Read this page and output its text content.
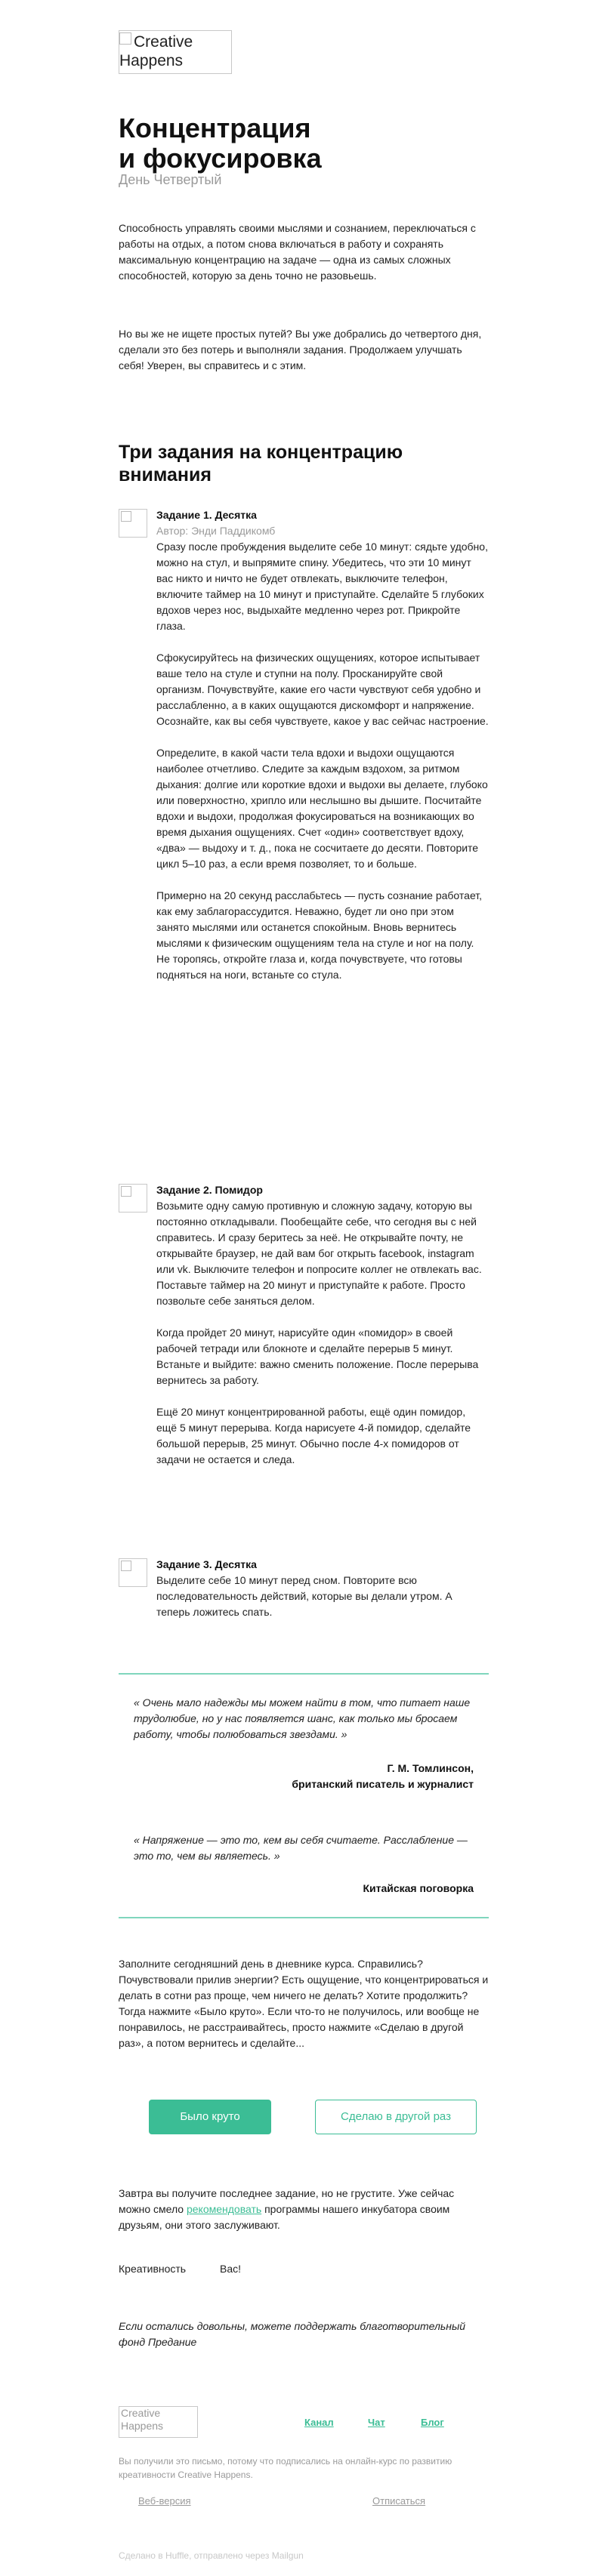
Creative Happens
Концентрация
и фокусировка
День Четвертый

Способность управлять своими мыслями и сознанием, переключаться с работы на отдых, а потом снова включаться в работу и сохранять максимальную концентрацию на задаче — одна из самых сложных способностей, которую за день точно не разовьешь.

Но вы же не ищете простых путей? Вы уже добрались до четвертого дня, сделали это без потерь и выполняли задания. Продолжаем улучшать себя! Уверен, вы справитесь и с этим.

Три задания на концентрацию внимания
Задание 1. Десятка
Автор: Энди Паддикомб

Сразу после пробуждения выделите себе 10 минут: сядьте удобно, можно на стул, и выпрямите спину. Убедитесь, что эти 10 минут вас никто и ничто не будет отвлекать, выключите телефон, включите таймер на 10 минут и приступайте. Сделайте 5 глубоких вдохов через нос, выдыхайте медленно через рот. Прикройте глаза.

Сфокусируйтесь на физических ощущениях, которое испытывает ваше тело на стуле и ступни на полу. Просканируйте свой организм. Почувствуйте, какие его части чувствуют себя удобно и расслабленно, а в каких ощущаются дискомфорт и напряжение. Осознайте, как вы себя чувствуете, какое у вас сейчас настроение.

Определите, в какой части тела вдохи и выдохи ощущаются наиболее отчетливо. Следите за каждым вздохом, за ритмом дыхания: долгие или короткие вдохи и выдохи вы делаете, глубоко или поверхностно, хрипло или неслышно вы дышите. Посчитайте вдохи и выдохи, продолжая фокусироваться на возникающих во время дыхания ощущениях. Счет «один» соответствует вдоху, «два» — выдоху и т. д., пока не сосчитаете до десяти. Повторите цикл 5–10 раз, а если время позволяет, то и больше.

Примерно на 20 секунд расслабьтесь — пусть сознание работает, как ему заблагорассудится. Неважно, будет ли оно при этом занято мыслями или останется спокойным. Вновь вернитесь мыслями к физическим ощущениям тела на стуле и ног на полу. Не торопясь, откройте глаза и, когда почувствуете, что готовы подняться на ноги, встаньте со стула.

Задание 2. Помидор

Возьмите одну самую противную и сложную задачу, которую вы постоянно откладывали. Пообещайте себе, что сегодня вы с ней справитесь. И сразу беритесь за неё. Не открывайте почту, не открывайте браузер, не дай вам бог открыть facebook, instagram или vk. Выключите телефон и попросите коллег не отвлекать вас. Поставьте таймер на 20 минут и приступайте к работе. Просто позвольте себе заняться делом.

Когда пройдет 20 минут, нарисуйте один «помидор» в своей рабочей тетради или блокноте и сделайте перерыв 5 минут. Встаньте и выйдите: важно сменить положение. После перерыва вернитесь за работу.

Ещё 20 минут концентрированной работы, ещё один помидор, ещё 5 минут перерыва. Когда нарисуете 4-й помидор, сделайте большой перерыв, 25 минут. Обычно после 4-х помидоров от задачи не остается и следа.

Задание 3. Десятка

Выделите себе 10 минут перед сном. Повторите всю последовательность действий, которые вы делали утром. А теперь ложитесь спать.

« Очень мало надежды мы можем найти в том, что питает наше трудолюбие, но у нас появляется шанс, как только мы бросаем работу, чтобы полюбоваться звездами. »
Г. М. Томлинсон,
британский писатель и журналист
« Напряжение — это то, кем вы себя считаете. Расслабление — это то, чем вы являетесь. »
Китайская поговорка

Заполните сегодняшний день в дневнике курса. Справились? Почувствовали прилив энергии? Есть ощущение, что концентрироваться и делать в сотни раз проще, чем ничего не делать? Хотите продолжить? Тогда нажмите «Было круто». Если что-то не получилось, или вообще не понравилось, не расстраивайтесь, просто нажмите «Сделаю в другой раз», а потом вернитесь и сделайте...

Было круто	Сделаю в другой раз

Завтра вы получите последнее задание, но не грустите. Уже сейчас можно смело рекомендовать программы нашего инкубатора своим друзьям, они этого заслуживают.

Креативность	Вас!

Если остались довольны, можете поддержать благотворительный фонд Предание

Creative Happens	Канал	Чат	Блог
Вы получили это письмо, потому что подписались на онлайн-курс по развитию креативности Creative Happens.
Веб-версия	Отписаться
Сделано в Нuffle, отправлено через Mailgun
